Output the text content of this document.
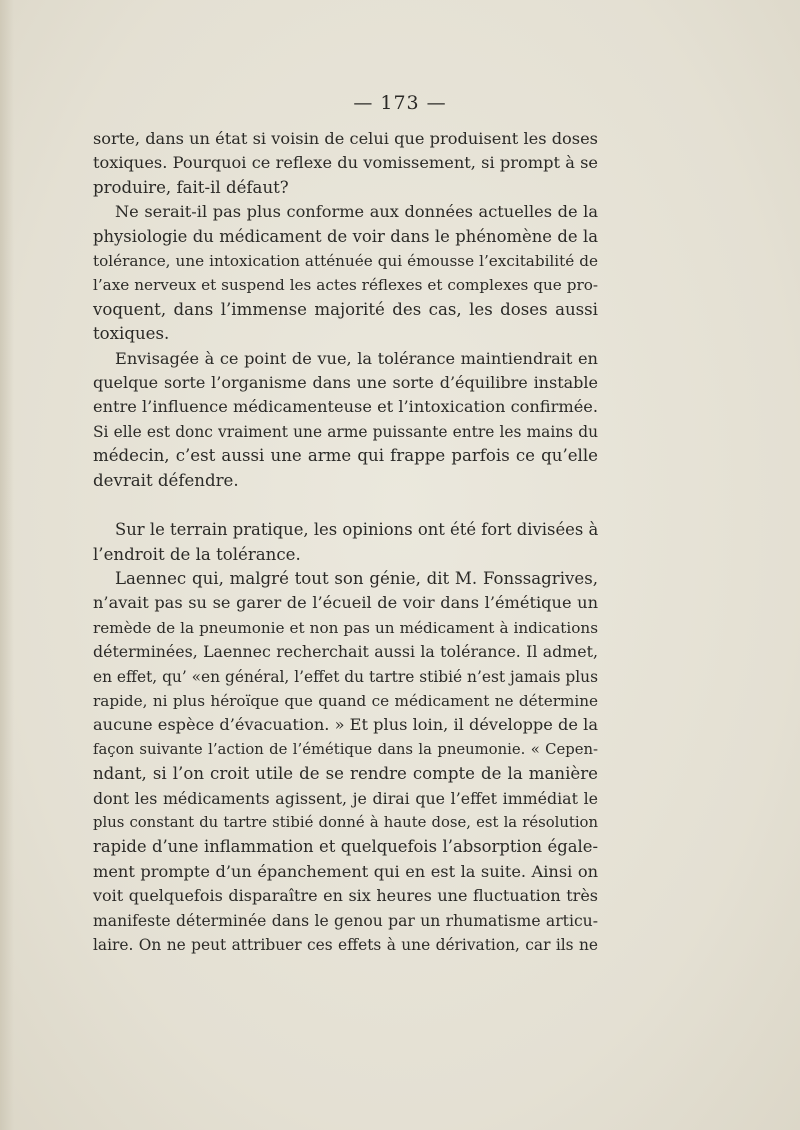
— 173 —
sorte, dans un état si voisin de celui que produisent les doses
toxiques. Pourquoi ce reflexe du vomissement, si prompt à se
produire, fait-il défaut?
Ne serait-il pas plus conforme aux données actuelles de la
physiologie du médicament de voir dans le phénomène de la
tolérance, une intoxication atténuée qui émousse l’excitabilité de
l’axe nerveux et suspend les actes réflexes et complexes que pro-
voquent, dans l’immense majorité des cas, les doses aussi
toxiques.
Envisagée à ce point de vue, la tolérance maintiendrait en
quelque sorte l’organisme dans une sorte d’équilibre instable
entre l’influence médicamenteuse et l’intoxication confirmée.
Si elle est donc vraiment une arme puissante entre les mains du
médecin, c’est aussi une arme qui frappe parfois ce qu’elle
devrait défendre.
Sur le terrain pratique, les opinions ont été fort divisées à
l’endroit de la tolérance.
Laennec qui, malgré tout son génie, dit M. Fonssagrives,
n’avait pas su se garer de l’écueil de voir dans l’émétique un
remède de la pneumonie et non pas un médicament à indications
déterminées, Laennec recherchait aussi la tolérance. Il admet,
en effet, qu’ «en général, l’effet du tartre stibié n’est jamais plus
rapide, ni plus héroïque que quand ce médicament ne détermine
aucune espèce d’évacuation. » Et plus loin, il développe de la
façon suivante l’action de l’émétique dans la pneumonie. « Cepen-
ndant, si l’on croit utile de se rendre compte de la manière
dont les médicaments agissent, je dirai que l’effet immédiat le
plus constant du tartre stibié donné à haute dose, est la résolution
rapide d’une inflammation et quelquefois l’absorption égale-
ment prompte d’un épanchement qui en est la suite. Ainsi on
voit quelquefois disparaître en six heures une fluctuation très
manifeste déterminée dans le genou par un rhumatisme articu-
laire. On ne peut attribuer ces effets à une dérivation, car ils ne
